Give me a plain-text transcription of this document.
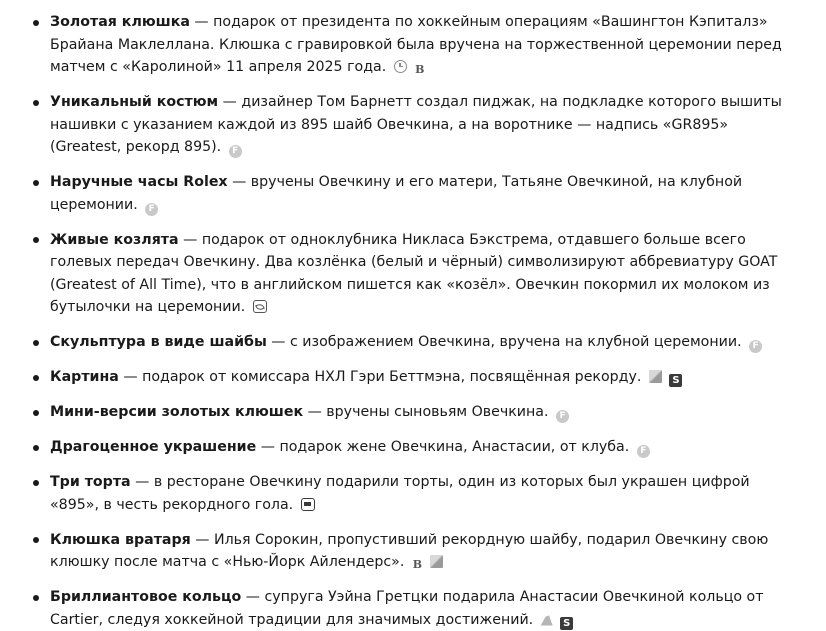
Золотая клюшка — подарок от президента по хоккейным операциям «Вашингтон Кэпиталз» Брайана Маклеллана. Клюшка с гравировкой была вручена на торжественной церемонии перед матчем с «Каролиной» 11 апреля 2025 года.	B
Уникальный костюм — дизайнер Том Барнетт создал пиджак, на подкладке которого вышиты нашивки с указанием каждой из 895 шайб Овечкина, а на воротнике — надпись «GR895» (Greatest, рекорд 895). F
Наручные часы Rolex — вручены Овечкину и его матери, Татьяне Овечкиной, на клубной церемонии. F
Живые козлята — подарок от одноклубника Никласа Бэкстрема, отдавшего больше всего голевых передач Овечкину. Два козлёнка (белый и чёрный) символизируют аббревиатуру GOAT (Greatest of All Time), что в английском пишется как «козёл». Овечкин покормил их молоком из бутылочки на церемонии.
Скульптура в виде шайбы — с изображением Овечкина, вручена на клубной церемонии. F
Картина — подарок от комиссара НХЛ Гэри Беттмэна, посвящённая рекорду.	S
Мини-версии золотых клюшек — вручены сыновьям Овечкина. F
Драгоценное украшение — подарок жене Овечкина, Анастасии, от клуба. F
Три торта — в ресторане Овечкину подарили торты, один из которых был украшен цифрой «895», в честь рекордного гола.
Клюшка вратаря — Илья Сорокин, пропустивший рекордную шайбу, подарил Овечкину свою клюшку после матча с «Нью-Йорк Айлендерс». B
Бриллиантовое кольцо — супруга Уэйна Гретцки подарила Анастасии Овечкиной кольцо от Cartier, следуя хоккейной традиции для значимых достижений.	S
